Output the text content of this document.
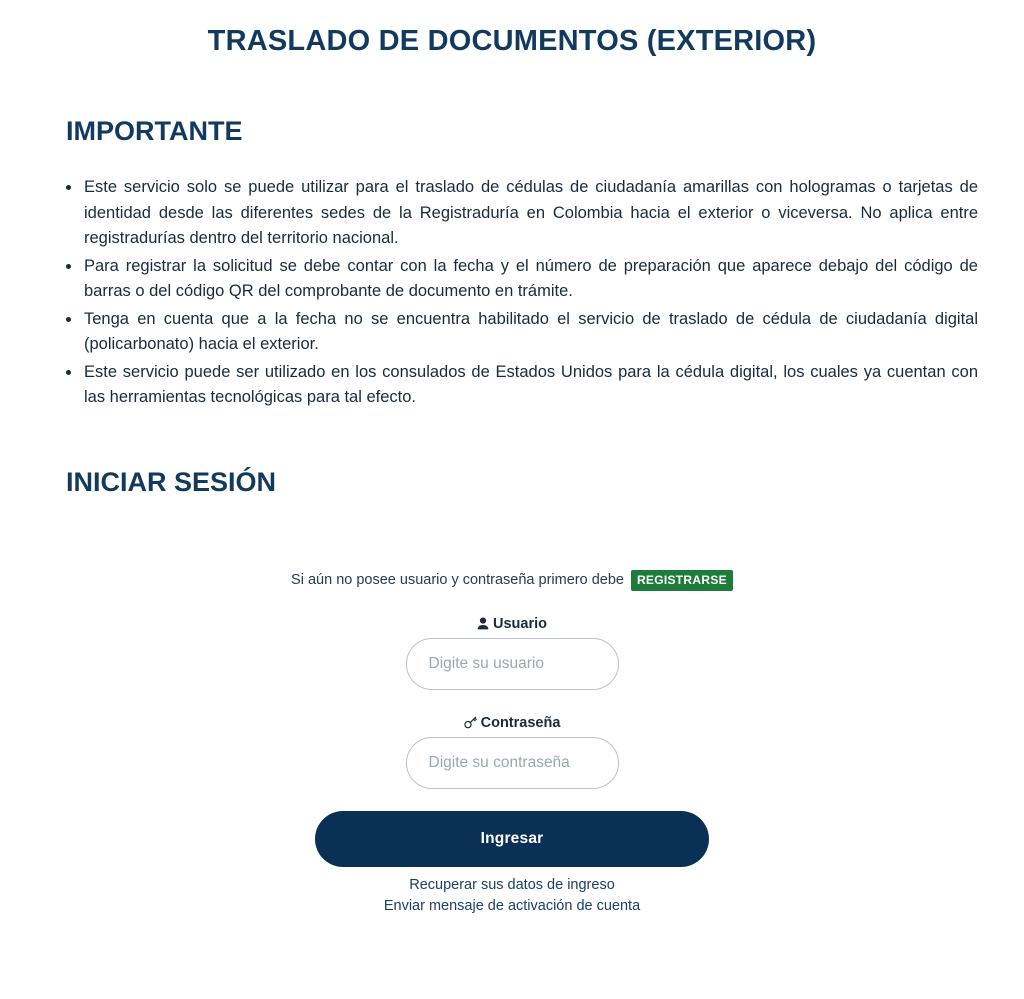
TRASLADO DE DOCUMENTOS (EXTERIOR)
IMPORTANTE
Este servicio solo se puede utilizar para el traslado de cédulas de ciudadanía amarillas con hologramas o tarjetas de identidad desde las diferentes sedes de la Registraduría en Colombia hacia el exterior o viceversa. No aplica entre registradurías dentro del territorio nacional.
Para registrar la solicitud se debe contar con la fecha y el número de preparación que aparece debajo del código de barras o del código QR del comprobante de documento en trámite.
Tenga en cuenta que a la fecha no se encuentra habilitado el servicio de traslado de cédula de ciudadanía digital (policarbonato) hacia el exterior.
Este servicio puede ser utilizado en los consulados de Estados Unidos para la cédula digital, los cuales ya cuentan con las herramientas tecnológicas para tal efecto.
INICIAR SESIÓN
Si aún no posee usuario y contraseña primero debe	REGISTRARSE
Usuario
Digite su usuario
Contraseña
Ingresar
Recuperar sus datos de ingreso
Enviar mensaje de activación de cuenta
